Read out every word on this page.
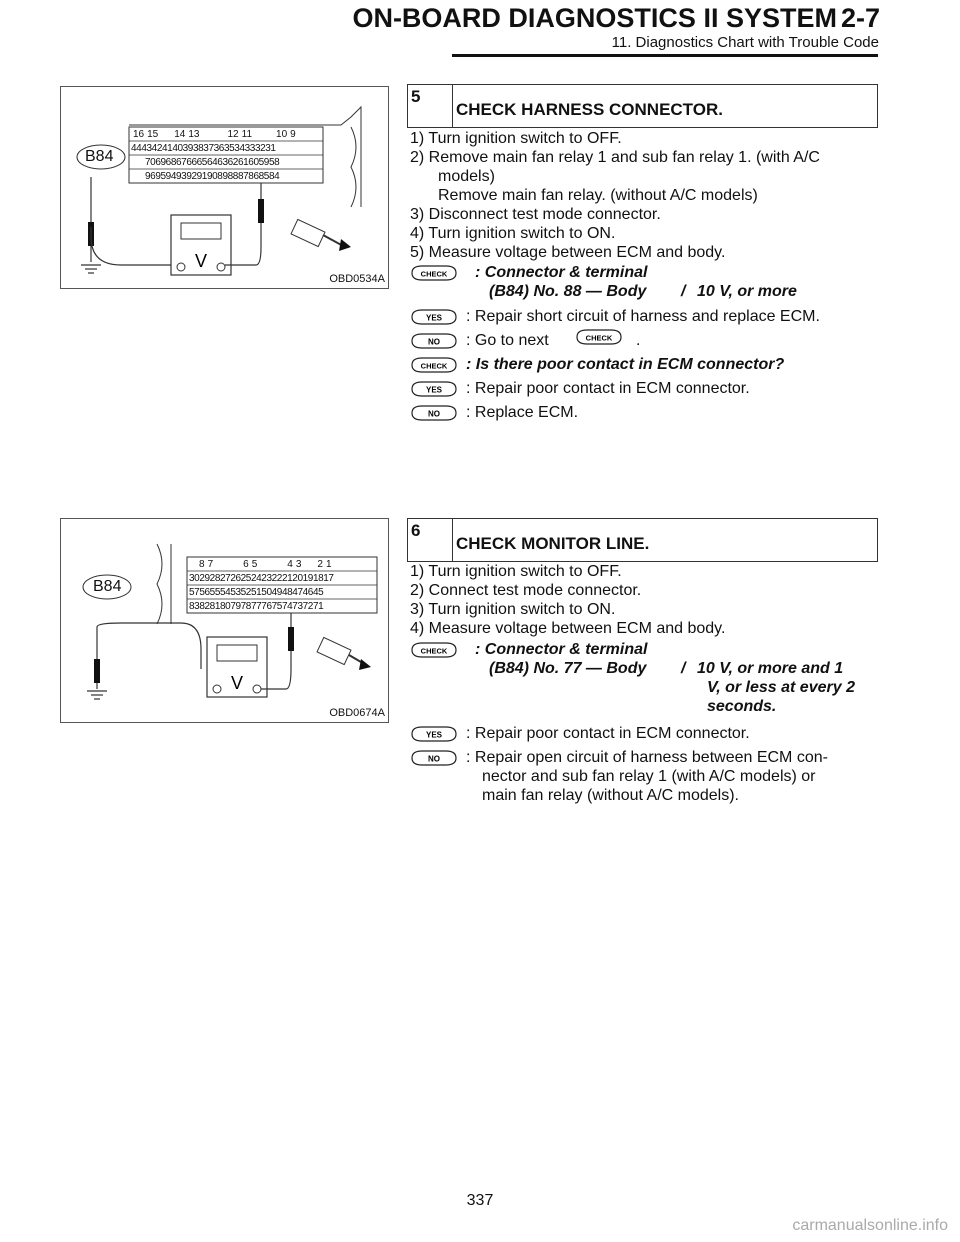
ON-BOARD DIAGNOSTICS II SYSTEM 2-7
11. Diagnostics Chart with Trouble Code
V
B84
16 15 14 13	12 11 10 9
44 43 42 41 40 39 38 37 36 35 34 33 32 31
70 69 68 67 66 65 64 63 62 61 60 59 58
96 95 94 93 92 91 90 89 88 87 86 85 84
OBD0534A
5
CHECK HARNESS CONNECTOR.
1) Turn ignition switch to OFF.
2) Remove main fan relay 1 and sub fan relay 1. (with A/C
models)
Remove main fan relay. (without A/C models)
3) Disconnect test mode connector.
4) Turn ignition switch to ON.
5) Measure voltage between ECM and body.
CHECK : Connector & terminal
(B84) No. 88 — Body / 10 V, or more
YES : Repair short circuit of harness and replace ECM.
NO : Go to next	CHECK .
CHECK : Is there poor contact in ECM connector?
YES : Repair poor contact in ECM connector.
NO : Replace ECM.
V
B84
8 7	6 5	4 3 2 1
30 29 28 27 26 25 24 23 22 21 20 19 18 17
57 56 55 54 53 52 51 50 49 48 47 46 45
83 82 81 80 79 78 77 76 75 74 73 72 71
OBD0674A
6
CHECK MONITOR LINE.
1) Turn ignition switch to OFF.
2) Connect test mode connector.
3) Turn ignition switch to ON.
4) Measure voltage between ECM and body.
CHECK : Connector & terminal
(B84) No. 77 — Body / 10 V, or more and 1
V, or less at every 2
seconds.
YES : Repair poor contact in ECM connector.
NO : Repair open circuit of harness between ECM con-
nector and sub fan relay 1 (with A/C models) or
main fan relay (without A/C models).
337
carmanualsonline.info
